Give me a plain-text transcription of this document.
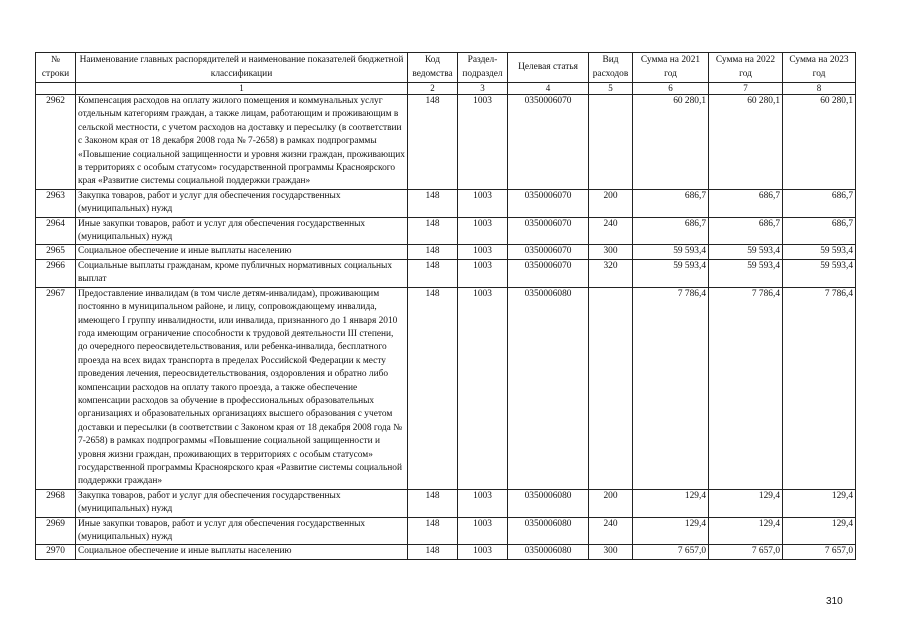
№ строки	Наименование главных распорядителей и наименование показателей бюджетной классификации	Код ведомства	Раздел-подраздел	Целевая статья	Вид расходов	Сумма на 2021 год	Сумма на 2022 год	Сумма на 2023 год
	1	2	3	4	5	6	7	8
2962	Компенсация расходов на оплату жилого помещения и коммунальных услуг отдельным категориям граждан, а также лицам, работающим и проживающим в сельской местности, с учетом расходов на доставку и пересылку (в соответствии с Законом края от 18 декабря 2008 года № 7-2658) в рамках подпрограммы «Повышение социальной защищенности и уровня жизни граждан, проживающих в территориях с особым статусом» государственной программы Красноярского края «Развитие системы социальной поддержки граждан»	148	1003	0350006070		60 280,1	60 280,1	60 280,1
2963	Закупка товаров, работ и услуг для обеспечения государственных (муниципальных) нужд	148	1003	0350006070	200	686,7	686,7	686,7
2964	Иные закупки товаров, работ и услуг для обеспечения государственных (муниципальных) нужд	148	1003	0350006070	240	686,7	686,7	686,7
2965	Социальное обеспечение и иные выплаты населению	148	1003	0350006070	300	59 593,4	59 593,4	59 593,4
2966	Социальные выплаты гражданам, кроме публичных нормативных социальных выплат	148	1003	0350006070	320	59 593,4	59 593,4	59 593,4
2967	Предоставление инвалидам (в том числе детям-инвалидам), проживающим постоянно в муниципальном районе, и лицу, сопровождающему инвалида, имеющего I группу инвалидности, или инвалида, признанного до 1 января 2010 года имеющим ограничение способности к трудовой деятельности III степени, до очередного переосвидетельствования, или ребенка-инвалида, бесплатного проезда на всех видах транспорта в пределах Российской Федерации к месту проведения лечения, переосвидетельствования, оздоровления и обратно либо компенсации расходов на оплату такого проезда, а также обеспечение компенсации расходов за обучение в профессиональных образовательных организациях и образовательных организациях высшего образования с учетом доставки и пересылки (в соответствии с Законом края от 18 декабря 2008 года № 7-2658) в рамках подпрограммы «Повышение социальной защищенности и уровня жизни граждан, проживающих в территориях с особым статусом» государственной программы Красноярского края «Развитие системы социальной поддержки граждан»	148	1003	0350006080		7 786,4	7 786,4	7 786,4
2968	Закупка товаров, работ и услуг для обеспечения государственных (муниципальных) нужд	148	1003	0350006080	200	129,4	129,4	129,4
2969	Иные закупки товаров, работ и услуг для обеспечения государственных (муниципальных) нужд	148	1003	0350006080	240	129,4	129,4	129,4
2970	Социальное обеспечение и иные выплаты населению	148	1003	0350006080	300	7 657,0	7 657,0	7 657,0
310
